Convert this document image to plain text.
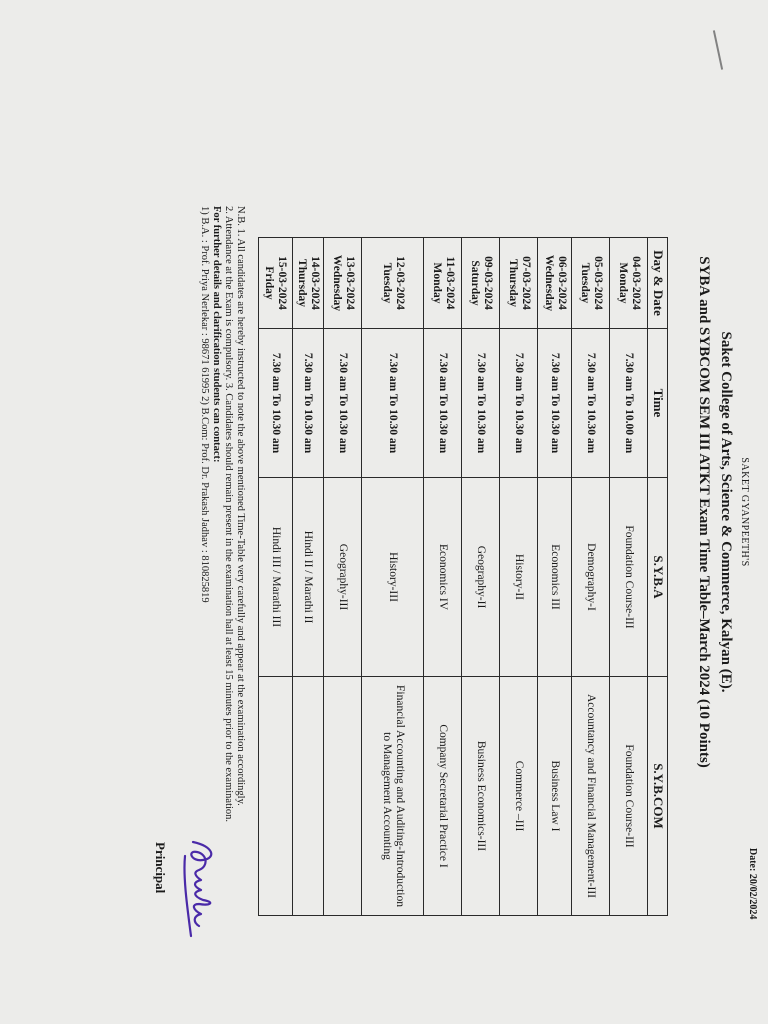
Date: 20/02/2024
SAKET GYANPEETH'S
Saket College of Arts, Science & Commerce, Kalyan (E).
SYBA and SYBCOM SEM III ATKT Exam Time Table–March 2024 (10 Points)
Day & Date	Time	S.Y.B.A	S.Y.B.COM

04-03-2024
Monday	7.30 am To 10.00 am	Foundation Course-III	Foundation Course-III

05-03-2024
Tuesday	7.30 am To 10.30 am	Demography-I	Accountancy and Financial Management-III

06-03-2024
Wednesday	7.30 am To 10.30 am	Economics III	Business Law I

07-03-2024
Thursday	7.30 am To 10.30 am	History-II	Commerce –III

09-03-2024
Saturday	7.30 am To 10.30 am	Geography-II	Business Economics-III

11-03-2024
Monday	7.30 am To 10.30 am	Economics IV	Company Secretarial Practice I

12-03-2024
Tuesday	7.30 am To 10.30 am	History-III	Financial Accounting and Auditing-Introduction to Management Accounting

13-03-2024
Wednesday	7.30 am To 10.30 am	Geography-III	

14-03-2024
Thursday	7.30 am To 10.30 am	Hindi II / Marathi II	

15-03-2024
Friday	7.30 am To 10.30 am	Hindi III / Marathi III	
N.B. 1. All candidates are hereby instructed to note the above mentioned Time-Table very carefully and appear at the examination accordingly.
2. Attendance at the Exam is compulsory. 3. Candidates should remain present in the examination hall at least 15 minutes prior to the examination.
For further details and clarification students can contact:
1) B.A. : Prof. Priya Nerlekar : 98671 61995 2) B.Com: Prof. Dr. Prakash Jadhav : 810825819
Principal
